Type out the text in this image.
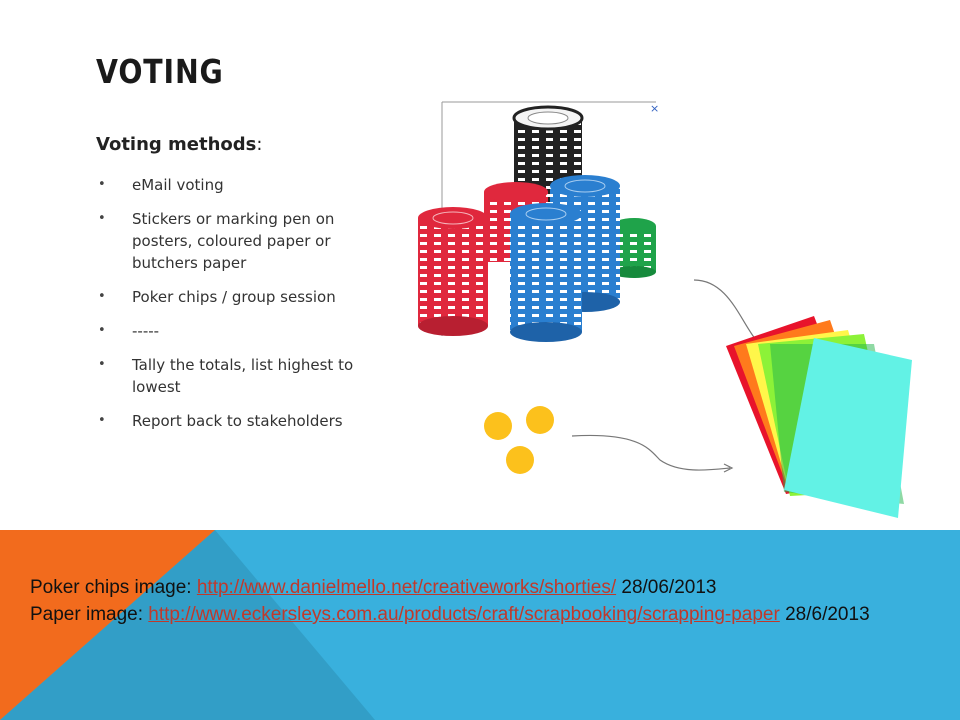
VOTING
Voting methods:
• eMail voting
• Stickers or marking pen on posters, coloured paper or butchers paper
• Poker chips / group session
• -----
• Tally the totals, list highest to lowest
• Report back to stakeholders
×
Poker chips image: http://www.danielmello.net/creativeworks/shorties/ 28/06/2013
Paper image: http://www.eckersleys.com.au/products/craft/scrapbooking/scrapping-paper 28/6/2013
